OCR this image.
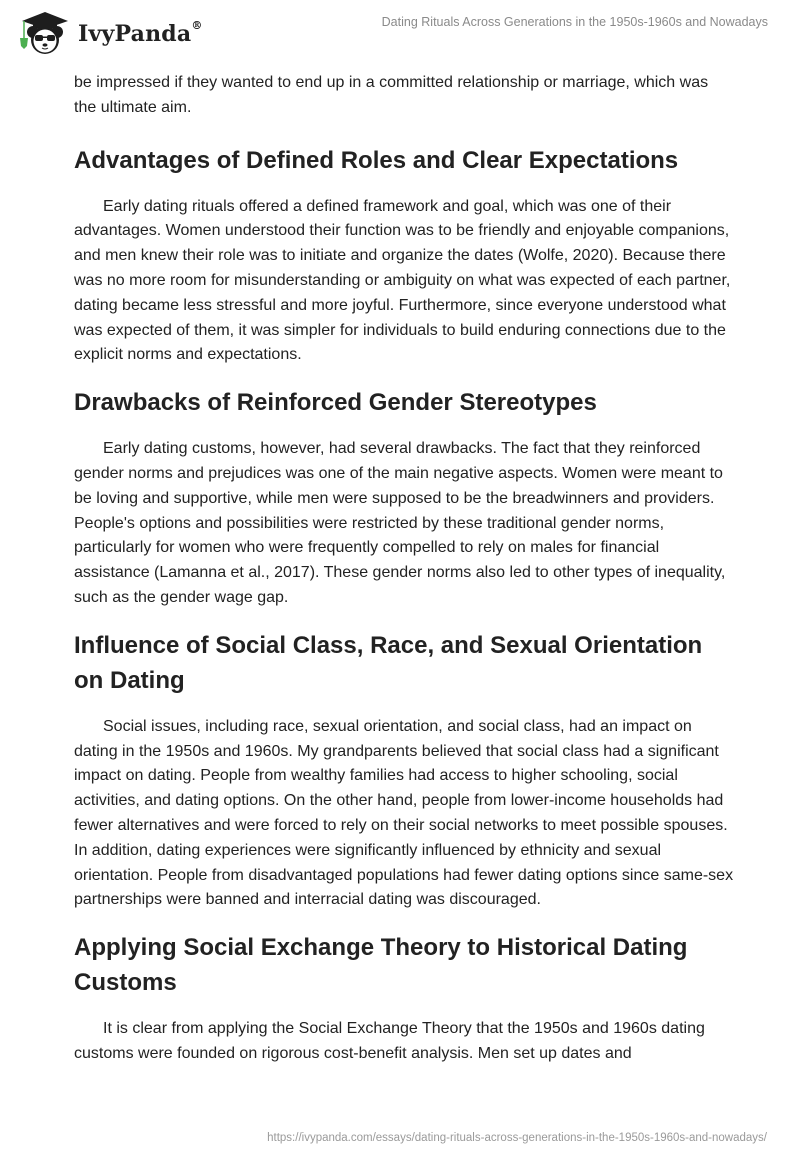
IvyPanda®	Dating Rituals Across Generations in the 1950s-1960s and Nowadays

be impressed if they wanted to end up in a committed relationship or marriage, which was the ultimate aim.

Advantages of Defined Roles and Clear Expectations

Early dating rituals offered a defined framework and goal, which was one of their advantages. Women understood their function was to be friendly and enjoyable companions, and men knew their role was to initiate and organize the dates (Wolfe, 2020). Because there was no more room for misunderstanding or ambiguity on what was expected of each partner, dating became less stressful and more joyful. Furthermore, since everyone understood what was expected of them, it was simpler for individuals to build enduring connections due to the explicit norms and expectations.

Drawbacks of Reinforced Gender Stereotypes

Early dating customs, however, had several drawbacks. The fact that they reinforced gender norms and prejudices was one of the main negative aspects. Women were meant to be loving and supportive, while men were supposed to be the breadwinners and providers. People's options and possibilities were restricted by these traditional gender norms, particularly for women who were frequently compelled to rely on males for financial assistance (Lamanna et al., 2017). These gender norms also led to other types of inequality, such as the gender wage gap.

Influence of Social Class, Race, and Sexual Orientation on Dating

Social issues, including race, sexual orientation, and social class, had an impact on dating in the 1950s and 1960s. My grandparents believed that social class had a significant impact on dating. People from wealthy families had access to higher schooling, social activities, and dating options. On the other hand, people from lower-income households had fewer alternatives and were forced to rely on their social networks to meet possible spouses. In addition, dating experiences were significantly influenced by ethnicity and sexual orientation. People from disadvantaged populations had fewer dating options since same-sex partnerships were banned and interracial dating was discouraged.

Applying Social Exchange Theory to Historical Dating Customs

It is clear from applying the Social Exchange Theory that the 1950s and 1960s dating customs were founded on rigorous cost-benefit analysis. Men set up dates and

https://ivypanda.com/essays/dating-rituals-across-generations-in-the-1950s-1960s-and-nowadays/
